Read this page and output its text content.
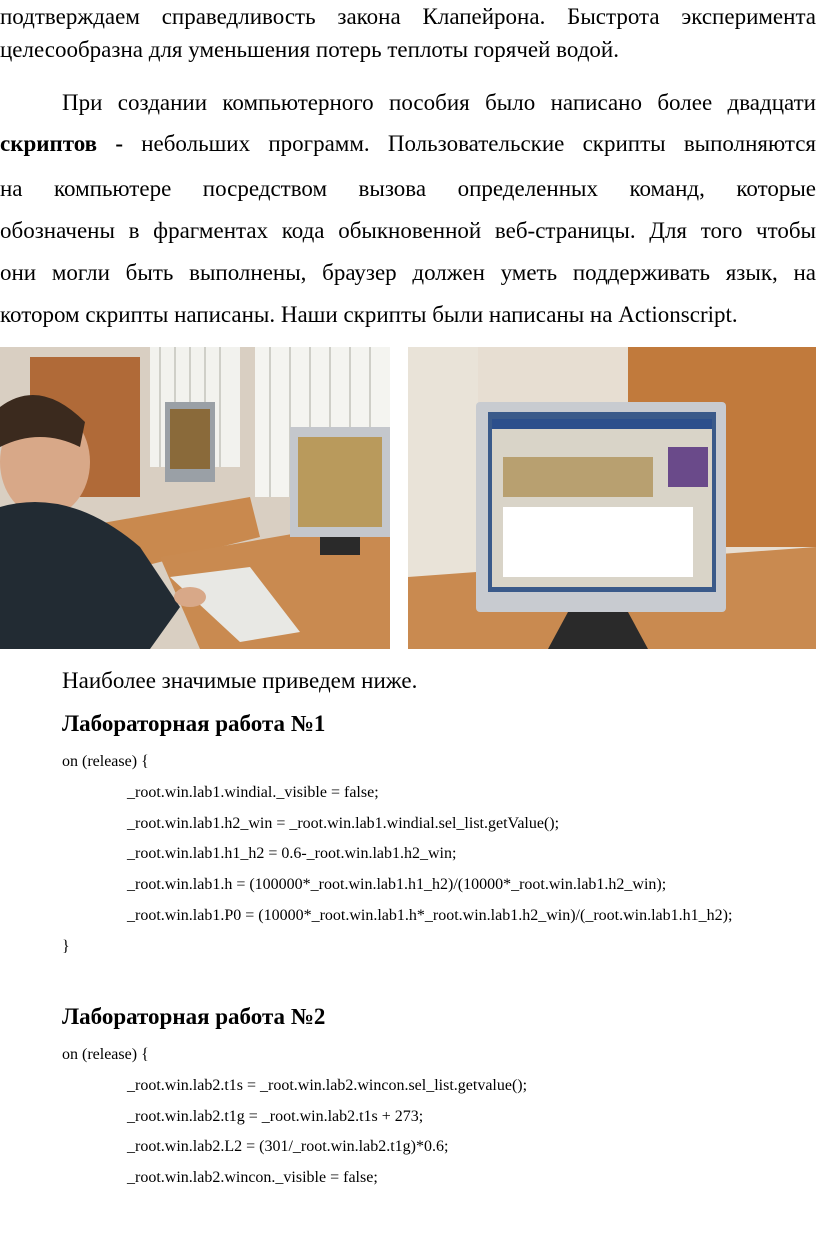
подтверждаем справедливость закона Клапейрона. Быстрота эксперимента
целесообразна для уменьшения потерь теплоты горячей водой.
При создании компьютерного пособия было написано более двадцати
скриптов - небольших программ. Пользовательские скрипты выполняются
на компьютере посредством вызова определенных команд, которые
обозначены в фрагментах кода обыкновенной веб-страницы. Для того чтобы
они могли быть выполнены, браузер должен уметь поддерживать язык, на
котором скрипты написаны. Наши скрипты были написаны на Actionscript.
Наиболее значимые приведем ниже.
Лабораторная работа №1
on (release) {
_root.win.lab1.windial._visible = false;
_root.win.lab1.h2_win = _root.win.lab1.windial.sel_list.getValue();
_root.win.lab1.h1_h2 = 0.6-_root.win.lab1.h2_win;
_root.win.lab1.h = (100000*_root.win.lab1.h1_h2)/(10000*_root.win.lab1.h2_win);
_root.win.lab1.P0 = (10000*_root.win.lab1.h*_root.win.lab1.h2_win)/(_root.win.lab1.h1_h2);
}
Лабораторная работа №2
on (release) {
_root.win.lab2.t1s = _root.win.lab2.wincon.sel_list.getvalue();
_root.win.lab2.t1g = _root.win.lab2.t1s + 273;
_root.win.lab2.L2 = (301/_root.win.lab2.t1g)*0.6;
_root.win.lab2.wincon._visible = false;
